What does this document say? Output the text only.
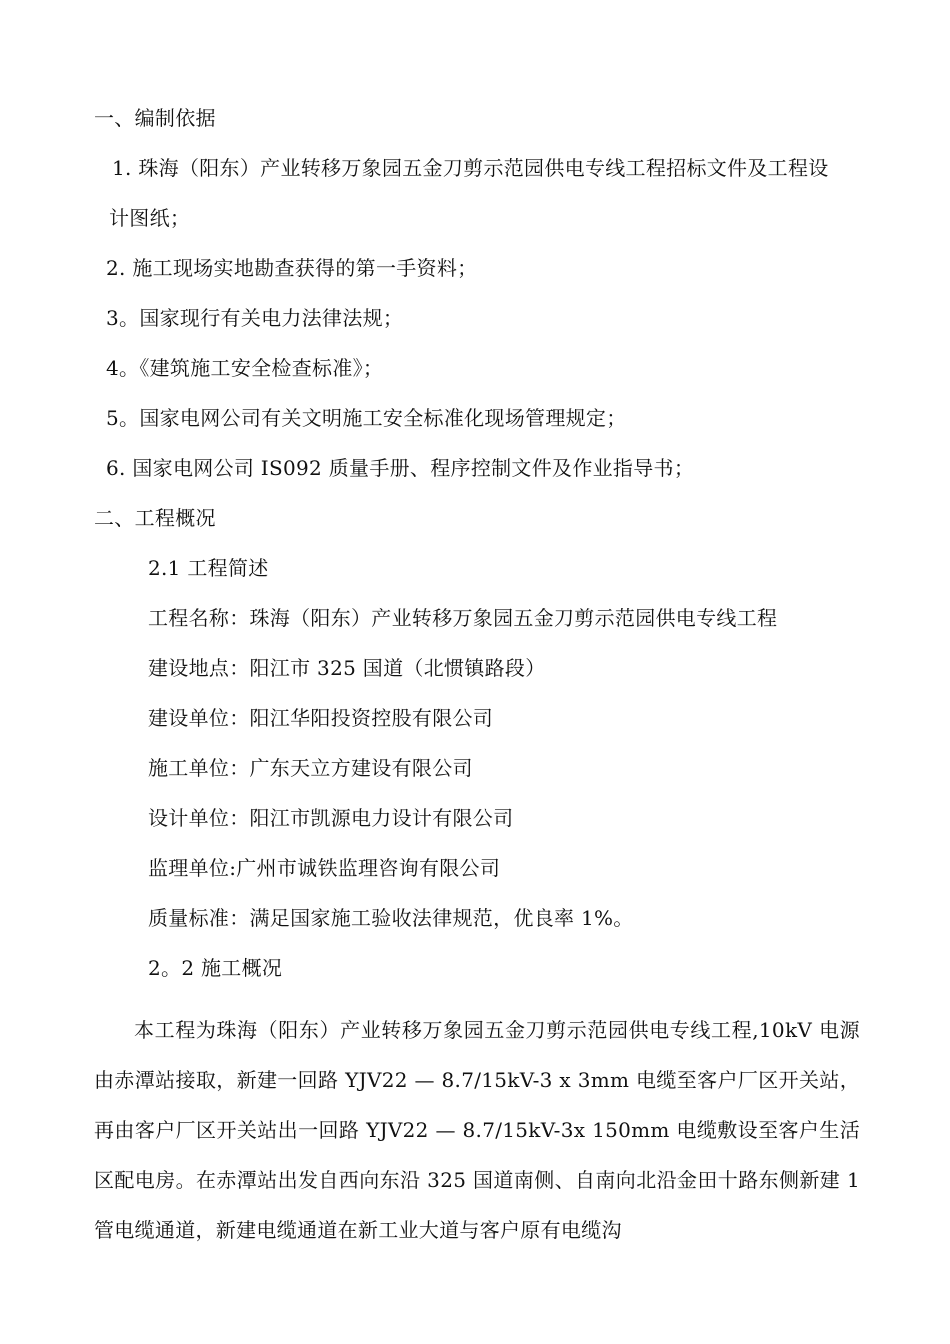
一、编制依据
1. 珠海（阳东）产业转移万象园五金刀剪示范园供电专线工程招标文件及工程设
计图纸；
2. 施工现场实地勘查获得的第一手资料；
3。国家现行有关电力法律法规；
4。《建筑施工安全检查标准》；
5。国家电网公司有关文明施工安全标准化现场管理规定；
6. 国家电网公司 IS092 质量手册、程序控制文件及作业指导书；
二、工程概况
2.1 工程简述
工程名称：珠海（阳东）产业转移万象园五金刀剪示范园供电专线工程
建设地点：阳江市 325 国道（北惯镇路段）
建设单位：阳江华阳投资控股有限公司
施工单位：广东天立方建设有限公司
设计单位：阳江市凯源电力设计有限公司
监理单位:广州市诚铁监理咨询有限公司
质量标准：满足国家施工验收法律规范，优良率 1%。
2。2 施工概况
本工程为珠海（阳东）产业转移万象园五金刀剪示范园供电专线工程,10kV 电源由赤潭站接取，新建一回路 YJV22 — 8.7/15kV-3 x 3mm 电缆至客户厂区开关站，再由客户厂区开关站出一回路 YJV22 — 8.7/15kV-3x 150mm 电缆敷设至客户生活区配电房。在赤潭站出发自西向东沿 325 国道南侧、自南向北沿金田十路东侧新建 1 管电缆通道，新建电缆通道在新工业大道与客户原有电缆沟
